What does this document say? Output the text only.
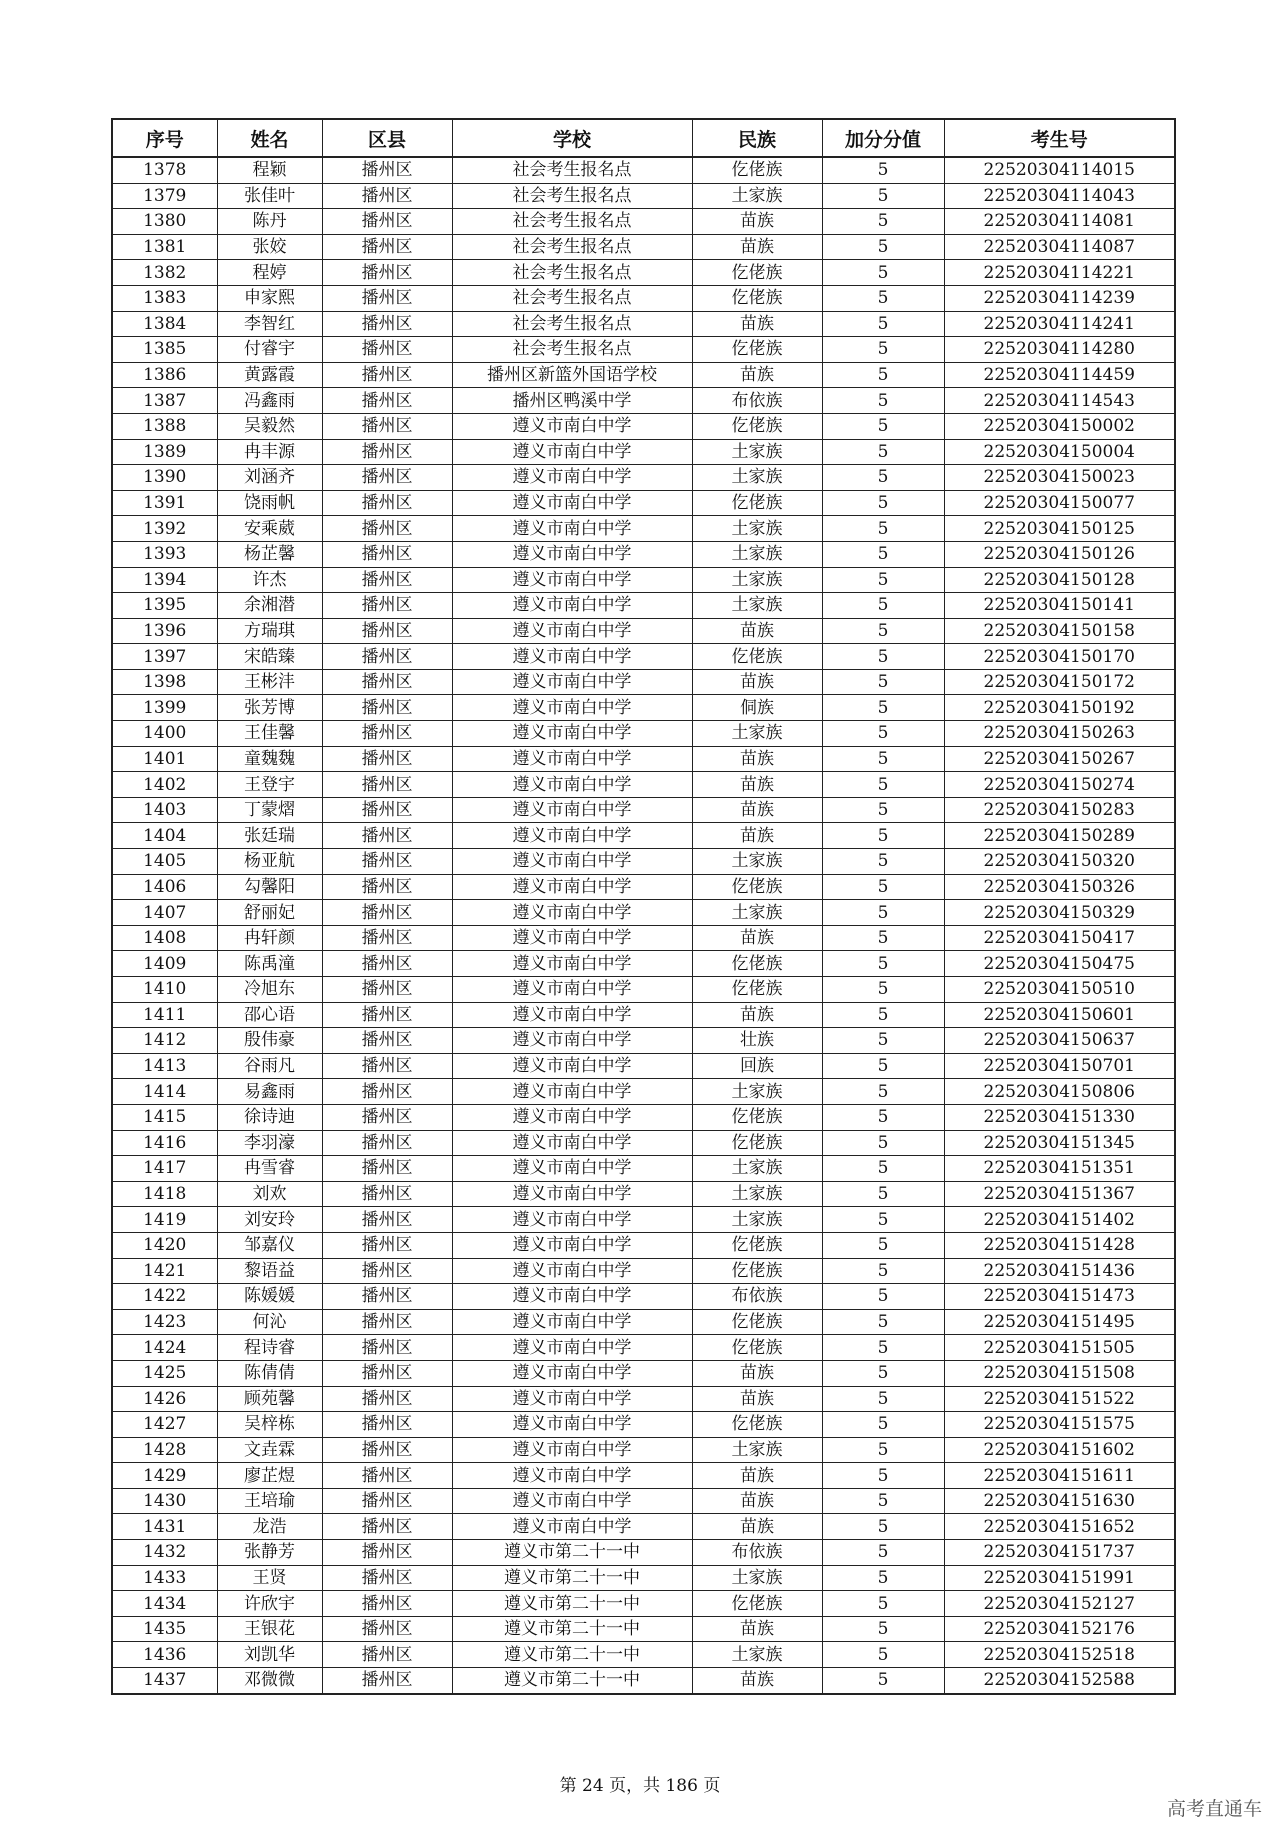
序号	姓名	区县	学校	民族	加分分值	考生号
1378	程颖	播州区	社会考生报名点	仡佬族	5	22520304114015
1379	张佳叶	播州区	社会考生报名点	土家族	5	22520304114043
1380	陈丹	播州区	社会考生报名点	苗族	5	22520304114081
1381	张姣	播州区	社会考生报名点	苗族	5	22520304114087
1382	程婷	播州区	社会考生报名点	仡佬族	5	22520304114221
1383	申家熙	播州区	社会考生报名点	仡佬族	5	22520304114239
1384	李智红	播州区	社会考生报名点	苗族	5	22520304114241
1385	付睿宇	播州区	社会考生报名点	仡佬族	5	22520304114280
1386	黄露霞	播州区	播州区新篮外国语学校	苗族	5	22520304114459
1387	冯鑫雨	播州区	播州区鸭溪中学	布依族	5	22520304114543
1388	吴毅然	播州区	遵义市南白中学	仡佬族	5	22520304150002
1389	冉丰源	播州区	遵义市南白中学	土家族	5	22520304150004
1390	刘涵齐	播州区	遵义市南白中学	土家族	5	22520304150023
1391	饶雨帆	播州区	遵义市南白中学	仡佬族	5	22520304150077
1392	安乘葳	播州区	遵义市南白中学	土家族	5	22520304150125
1393	杨芷馨	播州区	遵义市南白中学	土家族	5	22520304150126
1394	许杰	播州区	遵义市南白中学	土家族	5	22520304150128
1395	余湘潜	播州区	遵义市南白中学	土家族	5	22520304150141
1396	方瑞琪	播州区	遵义市南白中学	苗族	5	22520304150158
1397	宋皓臻	播州区	遵义市南白中学	仡佬族	5	22520304150170
1398	王彬沣	播州区	遵义市南白中学	苗族	5	22520304150172
1399	张芳博	播州区	遵义市南白中学	侗族	5	22520304150192
1400	王佳馨	播州区	遵义市南白中学	土家族	5	22520304150263
1401	童魏魏	播州区	遵义市南白中学	苗族	5	22520304150267
1402	王登宇	播州区	遵义市南白中学	苗族	5	22520304150274
1403	丁蒙熠	播州区	遵义市南白中学	苗族	5	22520304150283
1404	张廷瑞	播州区	遵义市南白中学	苗族	5	22520304150289
1405	杨亚航	播州区	遵义市南白中学	土家族	5	22520304150320
1406	勾馨阳	播州区	遵义市南白中学	仡佬族	5	22520304150326
1407	舒丽妃	播州区	遵义市南白中学	土家族	5	22520304150329
1408	冉轩颜	播州区	遵义市南白中学	苗族	5	22520304150417
1409	陈禹潼	播州区	遵义市南白中学	仡佬族	5	22520304150475
1410	冷旭东	播州区	遵义市南白中学	仡佬族	5	22520304150510
1411	邵心语	播州区	遵义市南白中学	苗族	5	22520304150601
1412	殷伟豪	播州区	遵义市南白中学	壮族	5	22520304150637
1413	谷雨凡	播州区	遵义市南白中学	回族	5	22520304150701
1414	易鑫雨	播州区	遵义市南白中学	土家族	5	22520304150806
1415	徐诗迪	播州区	遵义市南白中学	仡佬族	5	22520304151330
1416	李羽濠	播州区	遵义市南白中学	仡佬族	5	22520304151345
1417	冉雪睿	播州区	遵义市南白中学	土家族	5	22520304151351
1418	刘欢	播州区	遵义市南白中学	土家族	5	22520304151367
1419	刘安玲	播州区	遵义市南白中学	土家族	5	22520304151402
1420	邹嘉仪	播州区	遵义市南白中学	仡佬族	5	22520304151428
1421	黎语益	播州区	遵义市南白中学	仡佬族	5	22520304151436
1422	陈媛媛	播州区	遵义市南白中学	布依族	5	22520304151473
1423	何沁	播州区	遵义市南白中学	仡佬族	5	22520304151495
1424	程诗睿	播州区	遵义市南白中学	仡佬族	5	22520304151505
1425	陈倩倩	播州区	遵义市南白中学	苗族	5	22520304151508
1426	顾苑馨	播州区	遵义市南白中学	苗族	5	22520304151522
1427	吴梓栋	播州区	遵义市南白中学	仡佬族	5	22520304151575
1428	文垚霖	播州区	遵义市南白中学	土家族	5	22520304151602
1429	廖芷煜	播州区	遵义市南白中学	苗族	5	22520304151611
1430	王培瑜	播州区	遵义市南白中学	苗族	5	22520304151630
1431	龙浩	播州区	遵义市南白中学	苗族	5	22520304151652
1432	张静芳	播州区	遵义市第二十一中	布依族	5	22520304151737
1433	王贤	播州区	遵义市第二十一中	土家族	5	22520304151991
1434	许欣宇	播州区	遵义市第二十一中	仡佬族	5	22520304152127
1435	王银花	播州区	遵义市第二十一中	苗族	5	22520304152176
1436	刘凯华	播州区	遵义市第二十一中	土家族	5	22520304152518
1437	邓微微	播州区	遵义市第二十一中	苗族	5	22520304152588
第 24 页，共 186 页
高考直通车
